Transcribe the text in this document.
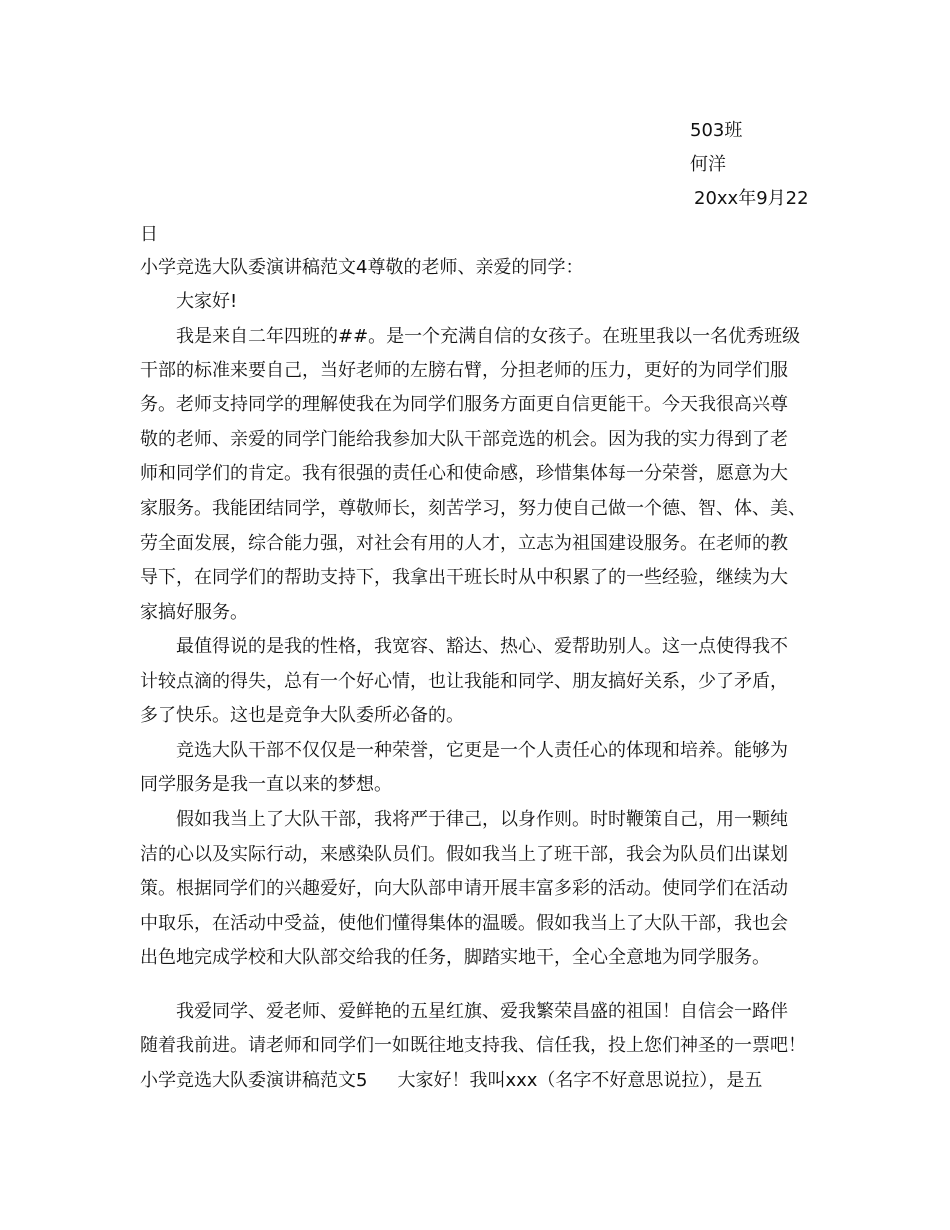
503班

何洋

20xx年9月22

日

小学竞选大队委演讲稿范文4尊敬的老师、亲爱的同学：

大家好!

我是来自二年四班的##。是一个充满自信的女孩子。在班里我以一名优秀班级

干部的标准来要自己，当好老师的左膀右臂，分担老师的压力，更好的为同学们服

务。老师支持同学的理解使我在为同学们服务方面更自信更能干。今天我很高兴尊

敬的老师、亲爱的同学门能给我参加大队干部竞选的机会。因为我的实力得到了老

师和同学们的肯定。我有很强的责任心和使命感，珍惜集体每一分荣誉，愿意为大

家服务。我能团结同学，尊敬师长，刻苦学习，努力使自己做一个德、智、体、美、

劳全面发展，综合能力强，对社会有用的人才，立志为祖国建设服务。在老师的教

导下，在同学们的帮助支持下，我拿出干班长时从中积累了的一些经验，继续为大

家搞好服务。

最值得说的是我的性格，我宽容、豁达、热心、爱帮助别人。这一点使得我不

计较点滴的得失，总有一个好心情，也让我能和同学、朋友搞好关系，少了矛盾，

多了快乐。这也是竞争大队委所必备的。

竞选大队干部不仅仅是一种荣誉，它更是一个人责任心的体现和培养。能够为

同学服务是我一直以来的梦想。

假如我当上了大队干部，我将严于律己，以身作则。时时鞭策自己，用一颗纯

洁的心以及实际行动，来感染队员们。假如我当上了班干部，我会为队员们出谋划

策。根据同学们的兴趣爱好，向大队部申请开展丰富多彩的活动。使同学们在活动

中取乐，在活动中受益，使他们懂得集体的温暖。假如我当上了大队干部，我也会

出色地完成学校和大队部交给我的任务，脚踏实地干，全心全意地为同学服务。

我爱同学、爱老师、爱鲜艳的五星红旗、爱我繁荣昌盛的祖国！自信会一路伴

随着我前进。请老师和同学们一如既往地支持我、信任我，投上您们神圣的一票吧！

小学竞选大队委演讲稿范文5 大家好！我叫xxx（名字不好意思说拉），是五
